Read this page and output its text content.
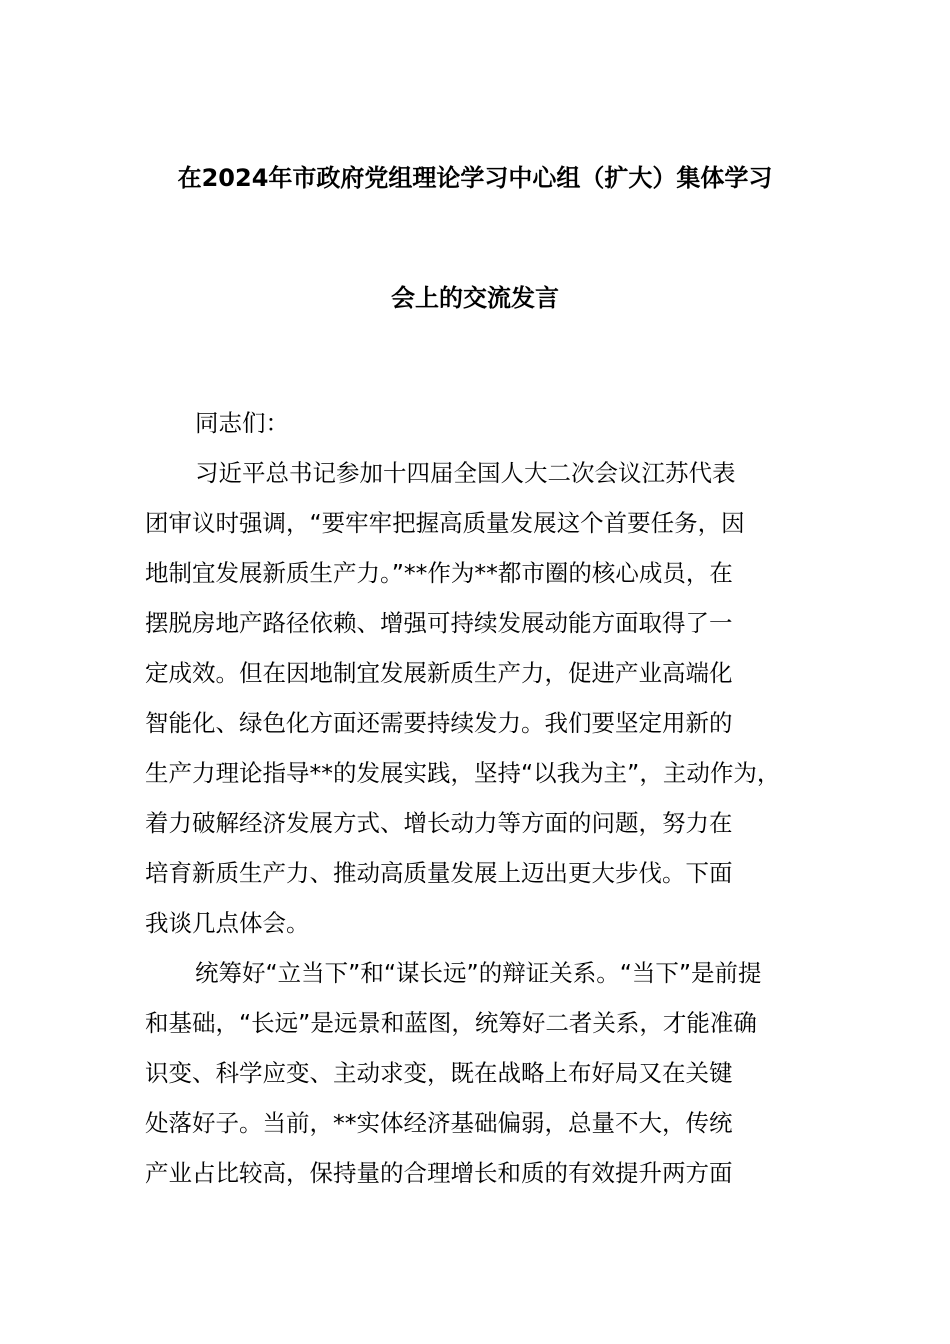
在2024年市政府党组理论学习中心组（扩大）集体学习
会上的交流发言
同志们：
习近平总书记参加十四届全国人大二次会议江苏代表
团审议时强调，“要牢牢把握高质量发展这个首要任务，因
地制宜发展新质生产力。”**作为**都市圈的核心成员，在
摆脱房地产路径依赖、增强可持续发展动能方面取得了一
定成效。但在因地制宜发展新质生产力，促进产业高端化
智能化、绿色化方面还需要持续发力。我们要坚定用新的
生产力理论指导**的发展实践，坚持“以我为主”，主动作为，
着力破解经济发展方式、增长动力等方面的问题，努力在
培育新质生产力、推动高质量发展上迈出更大步伐。下面
我谈几点体会。
统筹好“立当下”和“谋长远”的辩证关系。“当下”是前提
和基础，“长远”是远景和蓝图，统筹好二者关系，才能准确
识变、科学应变、主动求变，既在战略上布好局又在关键
处落好子。当前，**实体经济基础偏弱，总量不大，传统
产业占比较高，保持量的合理增长和质的有效提升两方面
